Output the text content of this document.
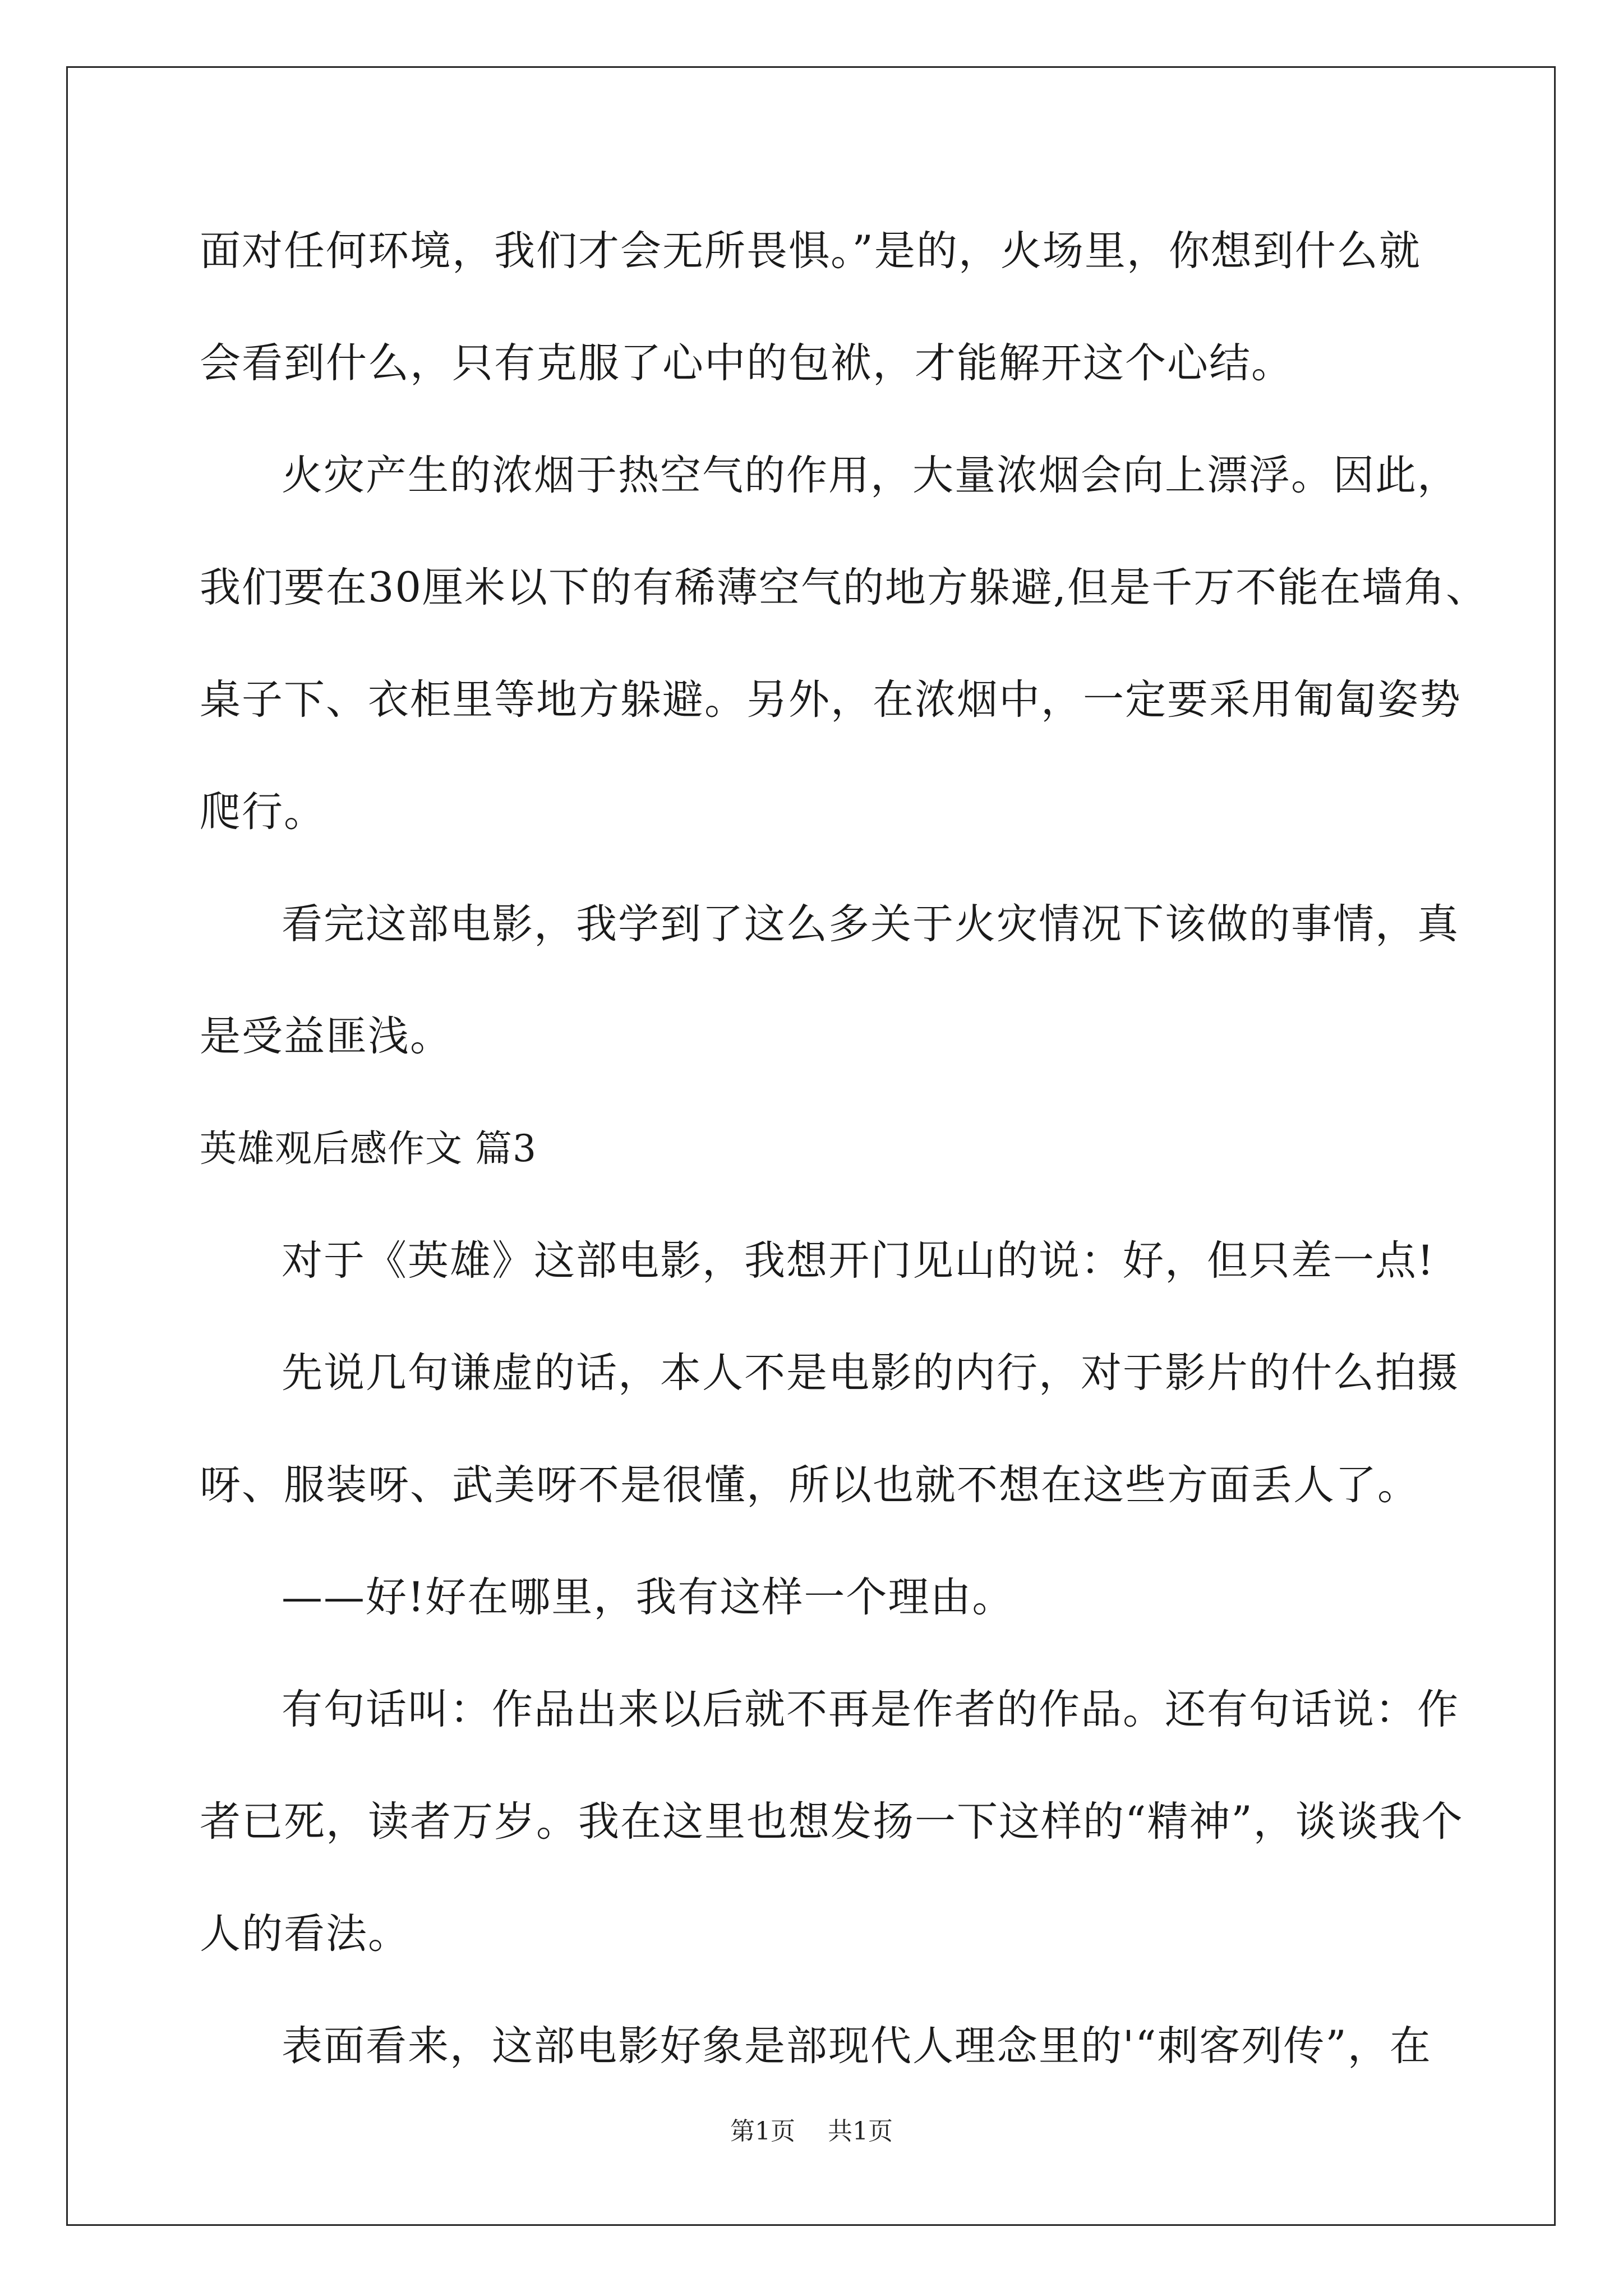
面对任何环境，我们才会无所畏惧。”是的，火场里，你想到什么就
会看到什么，只有克服了心中的包袱，才能解开这个心结。
火灾产生的浓烟于热空气的作用，大量浓烟会向上漂浮。因此，
我们要在30厘米以下的有稀薄空气的地方躲避,但是千万不能在墙角、
桌子下、衣柜里等地方躲避。另外，在浓烟中，一定要采用匍匐姿势
爬行。
看完这部电影，我学到了这么多关于火灾情况下该做的事情，真
是受益匪浅。
英雄观后感作文 篇3
对于《英雄》这部电影，我想开门见山的说：好，但只差一点!
先说几句谦虚的话，本人不是电影的内行，对于影片的什么拍摄
呀、服装呀、武美呀不是很懂，所以也就不想在这些方面丢人了。
——好!好在哪里，我有这样一个理由。
有句话叫：作品出来以后就不再是作者的作品。还有句话说：作
者已死，读者万岁。我在这里也想发扬一下这样的“精神”，谈谈我个
人的看法。
表面看来，这部电影好象是部现代人理念里的'“刺客列传”，在
第1页 共1页
